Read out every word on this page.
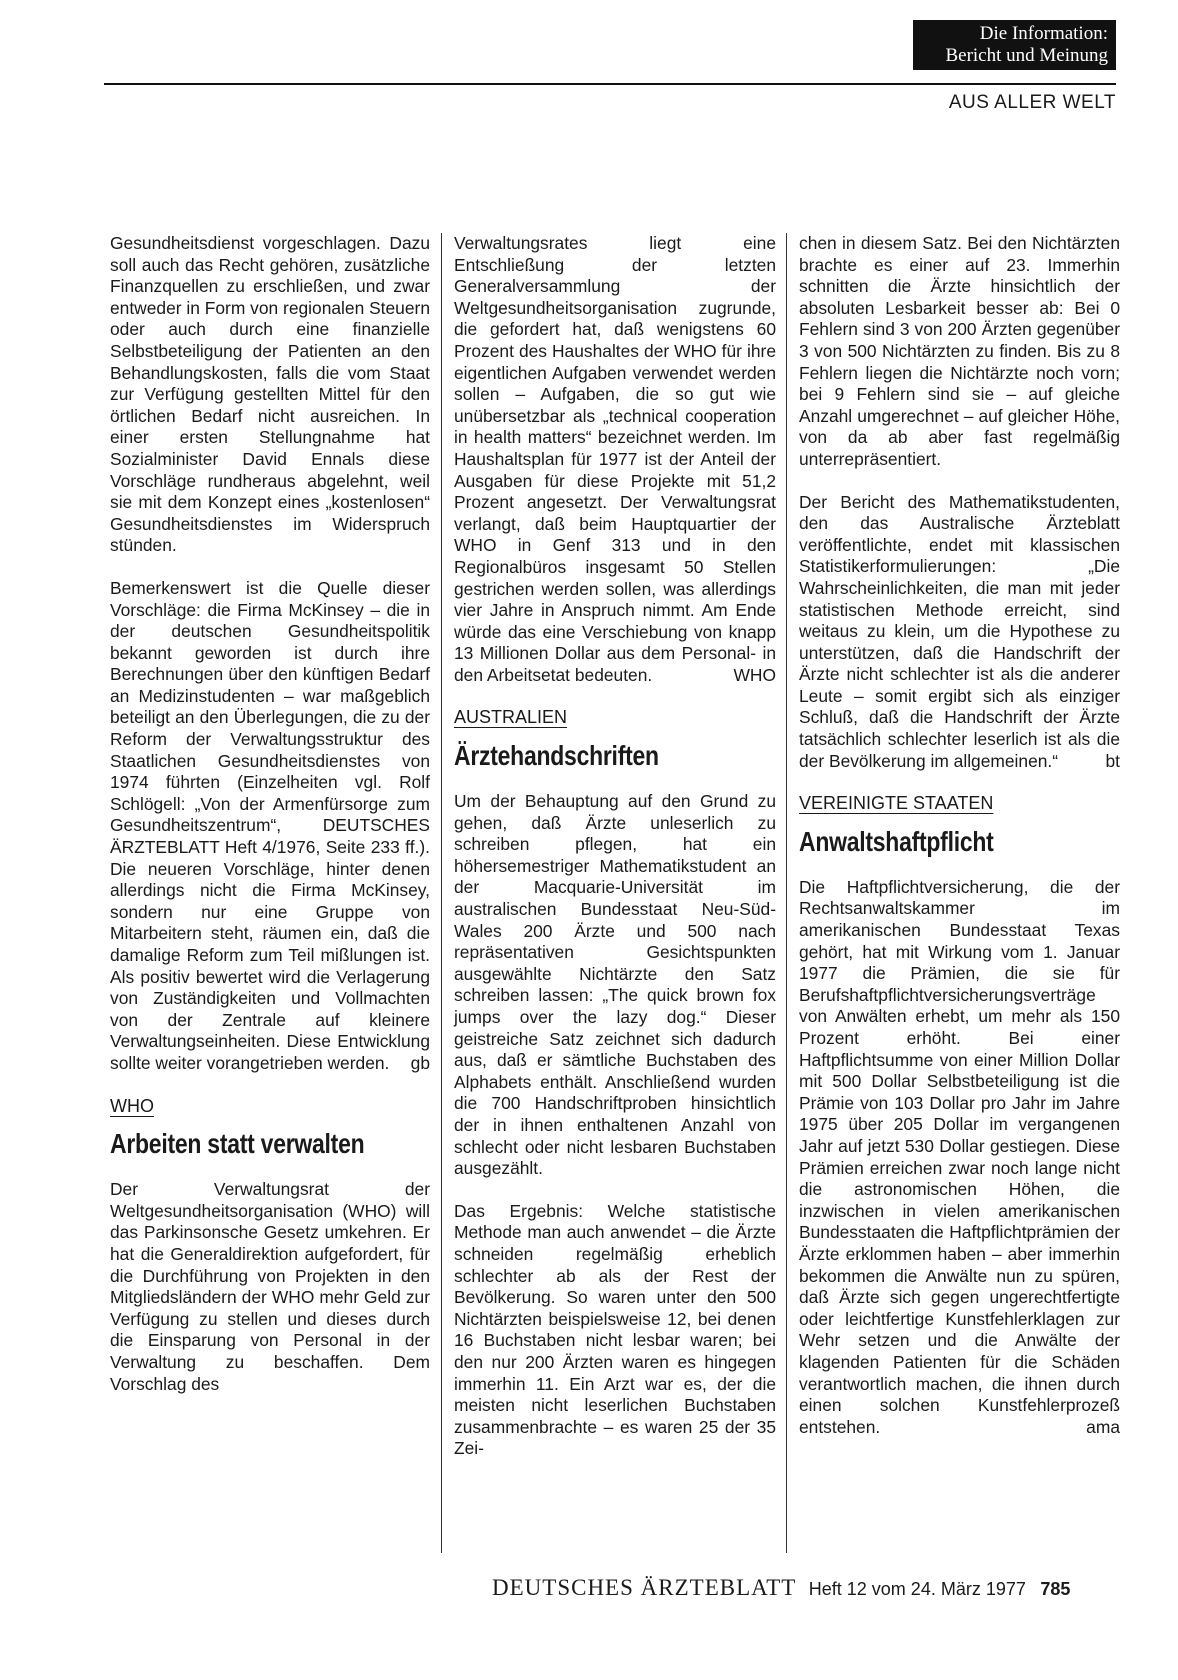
Die Information:
Bericht und Meinung
AUS ALLER WELT

Gesundheitsdienst vorgeschlagen. Dazu soll auch das Recht gehören, zusätzliche Finanzquellen zu erschließen, und zwar entweder in Form von regionalen Steuern oder auch durch eine finanzielle Selbstbeteiligung der Patienten an den Behandlungskosten, falls die vom Staat zur Verfügung gestellten Mittel für den örtlichen Bedarf nicht ausreichen. In einer ersten Stellungnahme hat Sozialminister David Ennals diese Vorschläge rundheraus abgelehnt, weil sie mit dem Konzept eines „kostenlosen“ Gesundheitsdienstes im Widerspruch stünden.

Bemerkenswert ist die Quelle dieser Vorschläge: die Firma McKinsey – die in der deutschen Gesundheitspolitik bekannt geworden ist durch ihre Berechnungen über den künftigen Bedarf an Medizinstudenten – war maßgeblich beteiligt an den Überlegungen, die zu der Reform der Verwaltungsstruktur des Staatlichen Gesundheitsdienstes von 1974 führten (Einzelheiten vgl. Rolf Schlögell: „Von der Armenfürsorge zum Gesundheitszentrum“, DEUTSCHES ÄRZTEBLATT Heft 4/1976, Seite 233 ff.). Die neueren Vorschläge, hinter denen allerdings nicht die Firma McKinsey, sondern nur eine Gruppe von Mitarbeitern steht, räumen ein, daß die damalige Reform zum Teil mißlungen ist. Als positiv bewertet wird die Verlagerung von Zuständigkeiten und Vollmachten von der Zentrale auf kleinere Verwaltungseinheiten. Diese Entwicklung sollte weiter vorangetrieben werden. gb

WHO
Arbeiten statt verwalten

Der Verwaltungsrat der Weltgesundheitsorganisation (WHO) will das Parkinsonsche Gesetz umkehren. Er hat die Generaldirektion aufgefordert, für die Durchführung von Projekten in den Mitgliedsländern der WHO mehr Geld zur Verfügung zu stellen und dieses durch die Einsparung von Personal in der Verwaltung zu beschaffen. Dem Vorschlag des

Verwaltungsrates liegt eine Entschließung der letzten Generalversammlung der Weltgesundheitsorganisation zugrunde, die gefordert hat, daß wenigstens 60 Prozent des Haushaltes der WHO für ihre eigentlichen Aufgaben verwendet werden sollen – Aufgaben, die so gut wie unübersetzbar als „technical cooperation in health matters“ bezeichnet werden. Im Haushaltsplan für 1977 ist der Anteil der Ausgaben für diese Projekte mit 51,2 Prozent angesetzt. Der Verwaltungsrat verlangt, daß beim Hauptquartier der WHO in Genf 313 und in den Regionalbüros insgesamt 50 Stellen gestrichen werden sollen, was allerdings vier Jahre in Anspruch nimmt. Am Ende würde das eine Verschiebung von knapp 13 Millionen Dollar aus dem Personal- in den Arbeitsetat bedeuten.	WHO

AUSTRALIEN
Ärztehandschriften

Um der Behauptung auf den Grund zu gehen, daß Ärzte unleserlich zu schreiben pflegen, hat ein höhersemestriger Mathematikstudent an der Macquarie-Universität im australischen Bundesstaat Neu-Süd-Wales 200 Ärzte und 500 nach repräsentativen Gesichtspunkten ausgewählte Nichtärzte den Satz schreiben lassen: „The quick brown fox jumps over the lazy dog.“ Dieser geistreiche Satz zeichnet sich dadurch aus, daß er sämtliche Buchstaben des Alphabets enthält. Anschließend wurden die 700 Handschriftproben hinsichtlich der in ihnen enthaltenen Anzahl von schlecht oder nicht lesbaren Buchstaben ausgezählt.

Das Ergebnis: Welche statistische Methode man auch anwendet – die Ärzte schneiden regelmäßig erheblich schlechter ab als der Rest der Bevölkerung. So waren unter den 500 Nichtärzten beispielsweise 12, bei denen 16 Buchstaben nicht lesbar waren; bei den nur 200 Ärzten waren es hingegen immerhin 11. Ein Arzt war es, der die meisten nicht leserlichen Buchstaben zusammenbrachte – es waren 25 der 35 Zei-

chen in diesem Satz. Bei den Nichtärzten brachte es einer auf 23. Immerhin schnitten die Ärzte hinsichtlich der absoluten Lesbarkeit besser ab: Bei 0 Fehlern sind 3 von 200 Ärzten gegenüber 3 von 500 Nichtärzten zu finden. Bis zu 8 Fehlern liegen die Nichtärzte noch vorn; bei 9 Fehlern sind sie – auf gleiche Anzahl umgerechnet – auf gleicher Höhe, von da ab aber fast regelmäßig unterrepräsentiert.

Der Bericht des Mathematikstudenten, den das Australische Ärzteblatt veröffentlichte, endet mit klassischen Statistikerformulierungen: „Die Wahrscheinlichkeiten, die man mit jeder statistischen Methode erreicht, sind weitaus zu klein, um die Hypothese zu unterstützen, daß die Handschrift der Ärzte nicht schlechter ist als die anderer Leute – somit ergibt sich als einziger Schluß, daß die Handschrift der Ärzte tatsächlich schlechter leserlich ist als die der Bevölkerung im allgemeinen.“	bt

VEREINIGTE STAATEN
Anwaltshaftpflicht

Die Haftpflichtversicherung, die der Rechtsanwaltskammer im amerikanischen Bundesstaat Texas gehört, hat mit Wirkung vom 1. Januar 1977 die Prämien, die sie für Berufshaftpflichtversicherungsverträge von Anwälten erhebt, um mehr als 150 Prozent erhöht. Bei einer Haftpflichtsumme von einer Million Dollar mit 500 Dollar Selbstbeteiligung ist die Prämie von 103 Dollar pro Jahr im Jahre 1975 über 205 Dollar im vergangenen Jahr auf jetzt 530 Dollar gestiegen. Diese Prämien erreichen zwar noch lange nicht die astronomischen Höhen, die inzwischen in vielen amerikanischen Bundesstaaten die Haftpflichtprämien der Ärzte erklommen haben – aber immerhin bekommen die Anwälte nun zu spüren, daß Ärzte sich gegen ungerechtfertigte oder leichtfertige Kunstfehlerklagen zur Wehr setzen und die Anwälte der klagenden Patienten für die Schäden verantwortlich machen, die ihnen durch einen solchen Kunstfehlerprozeß entstehen.	ama

DEUTSCHES ÄRZTEBLATT Heft 12 vom 24. März 1977 785
